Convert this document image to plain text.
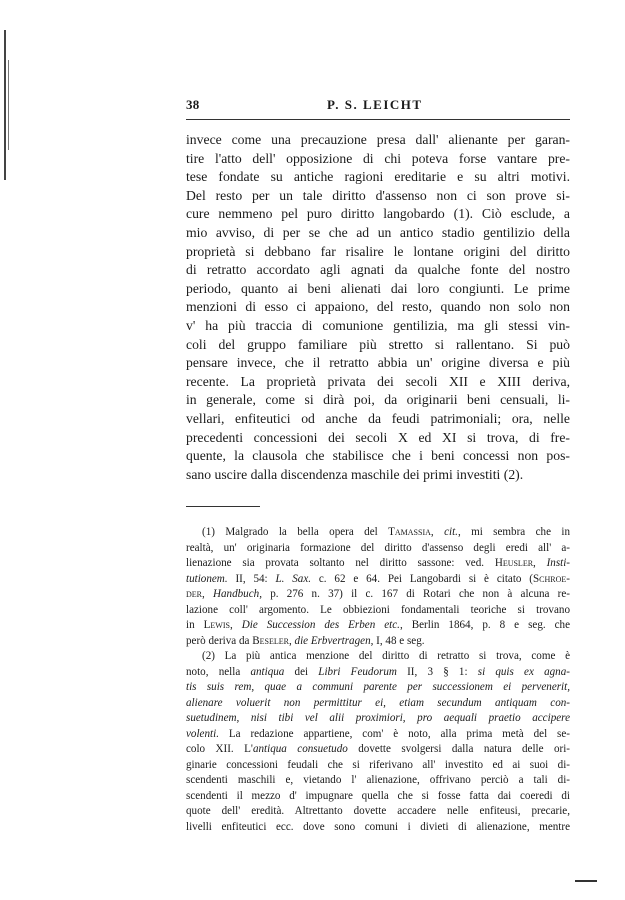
38	P. S. LEICHT
invece come una precauzione presa dall' alienante per garan-
tire l'atto dell' opposizione di chi poteva forse vantare pre-
tese fondate su antiche ragioni ereditarie e su altri motivi.
Del resto per un tale diritto d'assenso non ci son prove si-
cure nemmeno pel puro diritto langobardo (1). Ciò esclude, a
mio avviso, di per se che ad un antico stadio gentilizio della
proprietà si debbano far risalire le lontane origini del diritto
di retratto accordato agli agnati da qualche fonte del nostro
periodo, quanto ai beni alienati dai loro congiunti. Le prime
menzioni di esso ci appaiono, del resto, quando non solo non
v' ha più traccia di comunione gentilizia, ma gli stessi vin-
coli del gruppo familiare più stretto si rallentano. Si può
pensare invece, che il retratto abbia un' origine diversa e più
recente. La proprietà privata dei secoli XII e XIII deriva,
in generale, come si dirà poi, da originarii beni censuali, li-
vellari, enfiteutici od anche da feudi patrimoniali; ora, nelle
precedenti concessioni dei secoli X ed XI si trova, di fre-
quente, la clausola che stabilisce che i beni concessi non pos-
sano uscire dalla discendenza maschile dei primi investiti (2).
(1) Malgrado la bella opera del Tamassia, cit., mi sembra che in
realtà, un' originaria formazione del diritto d'assenso degli eredi all' a-
lienazione sia provata soltanto nel diritto sassone: ved. Heusler, Insti-
tutionem. II, 54: L. Sax. c. 62 e 64. Pei Langobardi si è citato (Schroe-
der, Handbuch, p. 276 n. 37) il c. 167 di Rotari che non à alcuna re-
lazione coll' argomento. Le obbiezioni fondamentali teoriche si trovano
in Lewis, Die Succession des Erben etc., Berlin 1864, p. 8 e seg. che
però deriva da Beseler, die Erbvertragen, I, 48 e seg.
(2) La più antica menzione del diritto di retratto si trova, come è
noto, nella antiqua dei Libri Feudorum II, 3 § 1: si quis ex agna-
tis suis rem, quae a communi parente per successionem ei pervenerit,
alienare voluerit non permittitur ei, etiam secundum antiquam con-
suetudinem, nisi tibi vel alii proximiori, pro aequali praetio accipere
volenti. La redazione appartiene, com' è noto, alla prima metà del se-
colo XII. L'antiqua consuetudo dovette svolgersi dalla natura delle ori-
ginarie concessioni feudali che si riferivano all' investito ed ai suoi di-
scendenti maschili e, vietando l' alienazione, offrivano perciò a tali di-
scendenti il mezzo d' impugnare quella che si fosse fatta dai coeredi di
quote dell' eredità. Altrettanto dovette accadere nelle enfiteusi, precarie,
livelli enfiteutici ecc. dove sono comuni i divieti di alienazione, mentre
